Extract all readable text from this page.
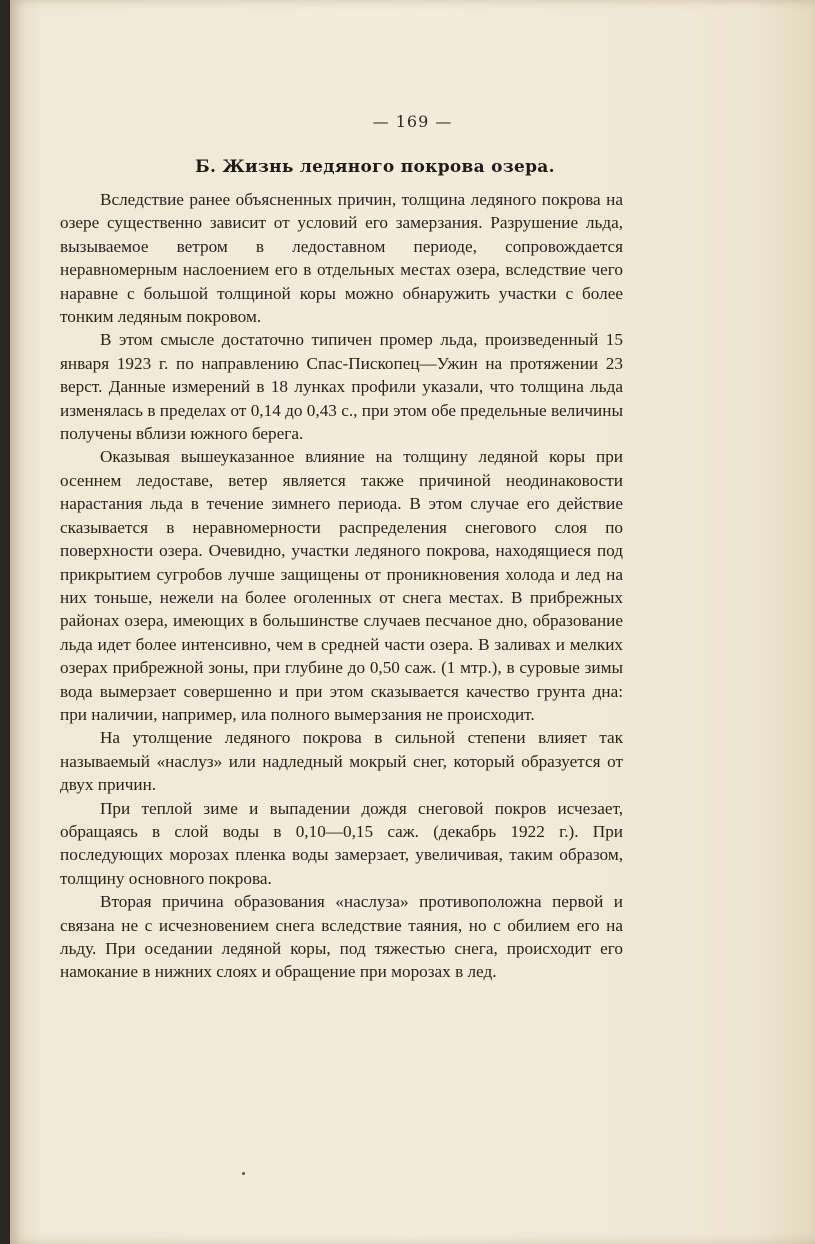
— 169 —
Б. Жизнь ледяного покрова озера.

Вследствие ранее объясненных причин, толщина ледяного покрова на озере существенно зависит от условий его замерзания. Разрушение льда, вызываемое ветром в ледоставном периоде, сопровождается неравномерным наслоением его в отдельных местах озера, вследствие чего наравне с большой толщиной коры можно обнаружить участки с более тонким ледяным покровом.

В этом смысле достаточно типичен промер льда, произведенный 15 января 1923 г. по направлению Спас-Пископец—Ужин на протяжении 23 верст. Данные измерений в 18 лунках профили указали, что толщина льда изменялась в пределах от 0,14 до 0,43 с., при этом обе предельные величины получены вблизи южного берега.

Оказывая вышеуказанное влияние на толщину ледяной коры при осеннем ледоставе, ветер является также причиной неодинаковости нарастания льда в течение зимнего периода. В этом случае его действие сказывается в неравномерности распределения снегового слоя по поверхности озера. Очевидно, участки ледяного покрова, находящиеся под прикрытием сугробов лучше защищены от проникновения холода и лед на них тоньше, нежели на более оголенных от снега местах. В прибрежных районах озера, имеющих в большинстве случаев песчаное дно, образование льда идет более интенсивно, чем в средней части озера. В заливах и мелких озерах прибрежной зоны, при глубине до 0,50 саж. (1 мтр.), в суровые зимы вода вымерзает совершенно и при этом сказывается качество грунта дна: при наличии, например, ила полного вымерзания не происходит.

На утолщение ледяного покрова в сильной степени влияет так называемый «наслуз» или надледный мокрый снег, который образуется от двух причин.

При теплой зиме и выпадении дождя снеговой покров исчезает, обращаясь в слой воды в 0,10—0,15 саж. (декабрь 1922 г.). При последующих морозах пленка воды замерзает, увеличивая, таким образом, толщину основного покрова.

Вторая причина образования «наслуза» противоположна первой и связана не с исчезновением снега вследствие таяния, но с обилием его на льду. При оседании ледяной коры, под тяжестью снега, происходит его намокание в нижних слоях и обращение при морозах в лед.
